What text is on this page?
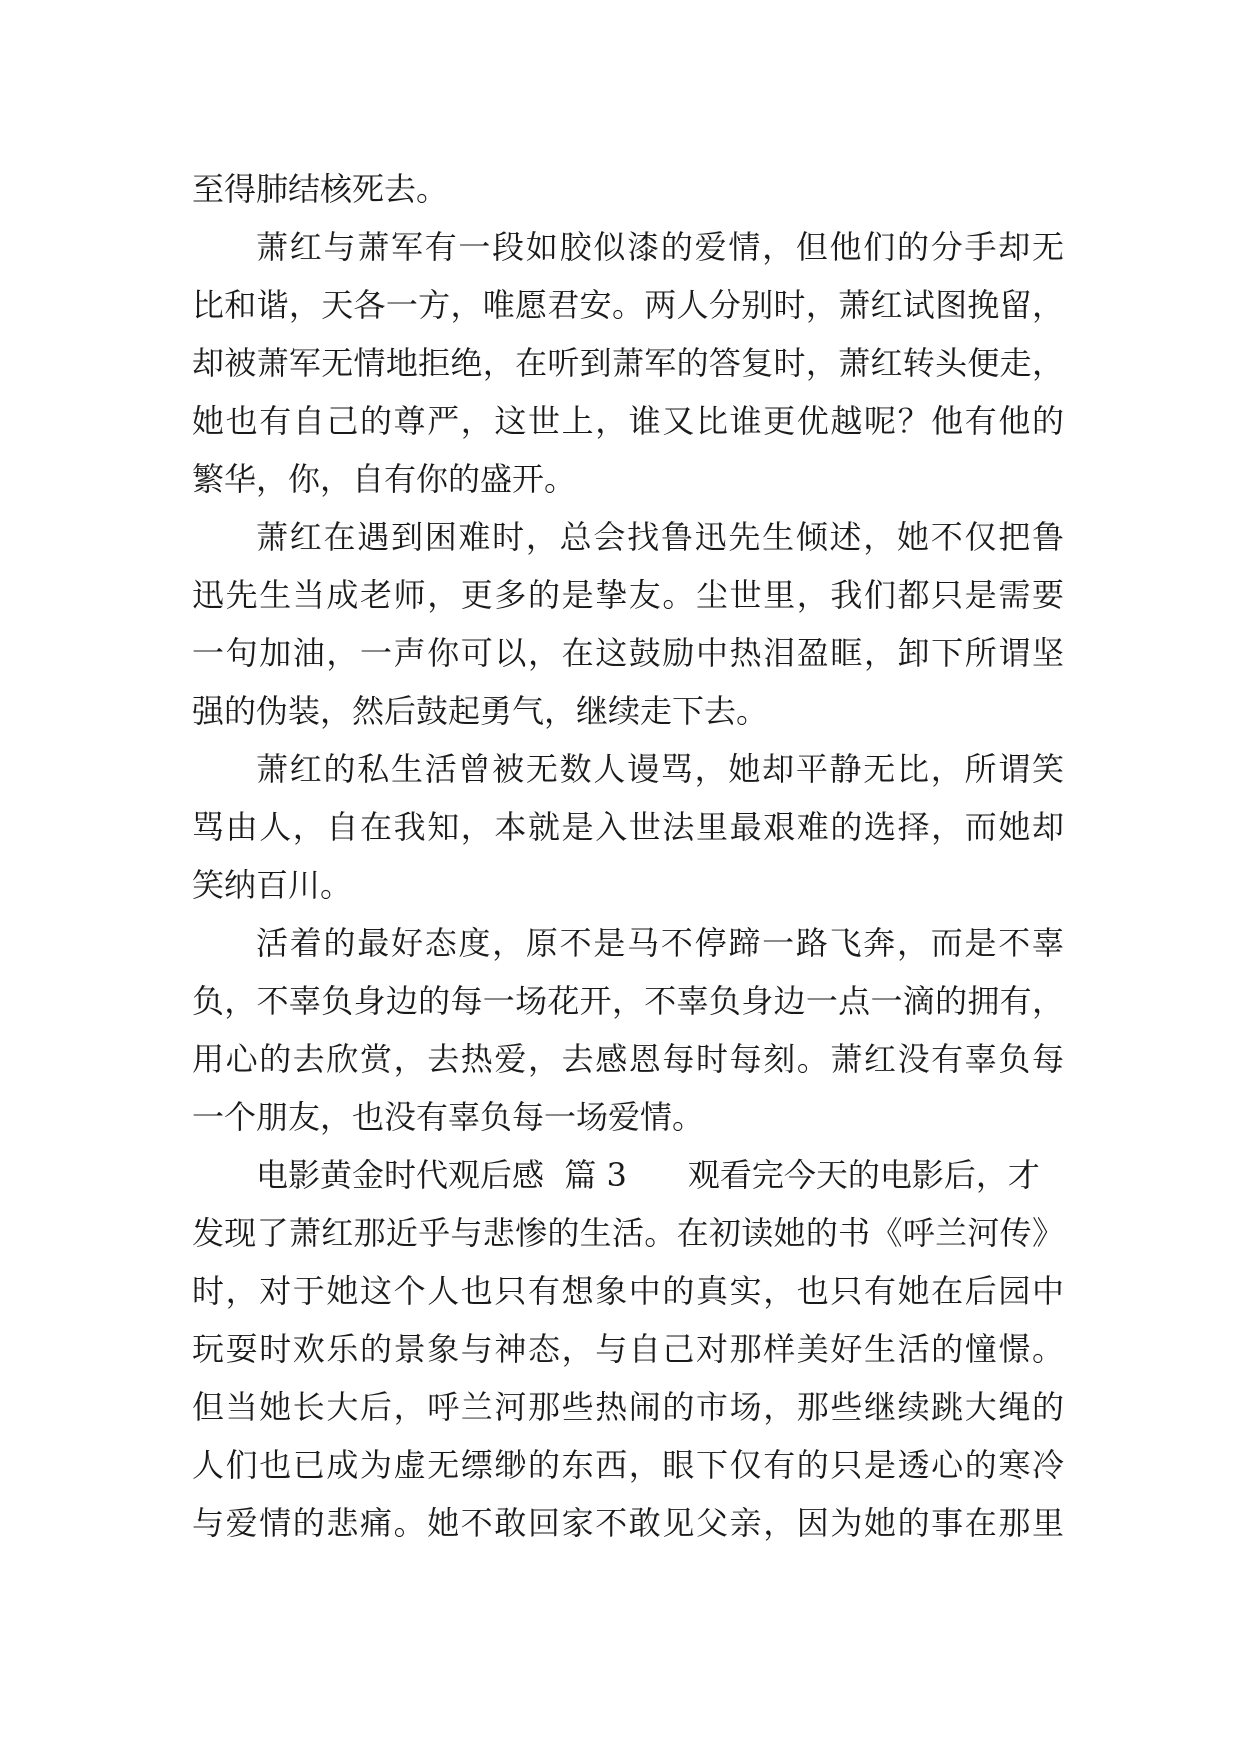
至得肺结核死去。
萧红与萧军有一段如胶似漆的爱情，但他们的分手却无
比和谐，天各一方，唯愿君安。两人分别时，萧红试图挽留，
却被萧军无情地拒绝，在听到萧军的答复时，萧红转头便走，
她也有自己的尊严，这世上，谁又比谁更优越呢？他有他的
繁华，你，自有你的盛开。
萧红在遇到困难时，总会找鲁迅先生倾述，她不仅把鲁
迅先生当成老师，更多的是挚友。尘世里，我们都只是需要
一句加油，一声你可以，在这鼓励中热泪盈眶，卸下所谓坚
强的伪装，然后鼓起勇气，继续走下去。
萧红的私生活曾被无数人谩骂，她却平静无比，所谓笑
骂由人，自在我知，本就是入世法里最艰难的选择，而她却
笑纳百川。
活着的最好态度，原不是马不停蹄一路飞奔，而是不辜
负，不辜负身边的每一场花开，不辜负身边一点一滴的拥有，
用心的去欣赏，去热爱，去感恩每时每刻。萧红没有辜负每
一个朋友，也没有辜负每一场爱情。
电影黄金时代观后感  篇 3      观看完今天的电影后，才
发现了萧红那近乎与悲惨的生活。在初读她的书《呼兰河传》
时，对于她这个人也只有想象中的真实，也只有她在后园中
玩耍时欢乐的景象与神态，与自己对那样美好生活的憧憬。
但当她长大后，呼兰河那些热闹的市场，那些继续跳大绳的
人们也已成为虚无缥缈的东西，眼下仅有的只是透心的寒冷
与爱情的悲痛。她不敢回家不敢见父亲，因为她的事在那里
